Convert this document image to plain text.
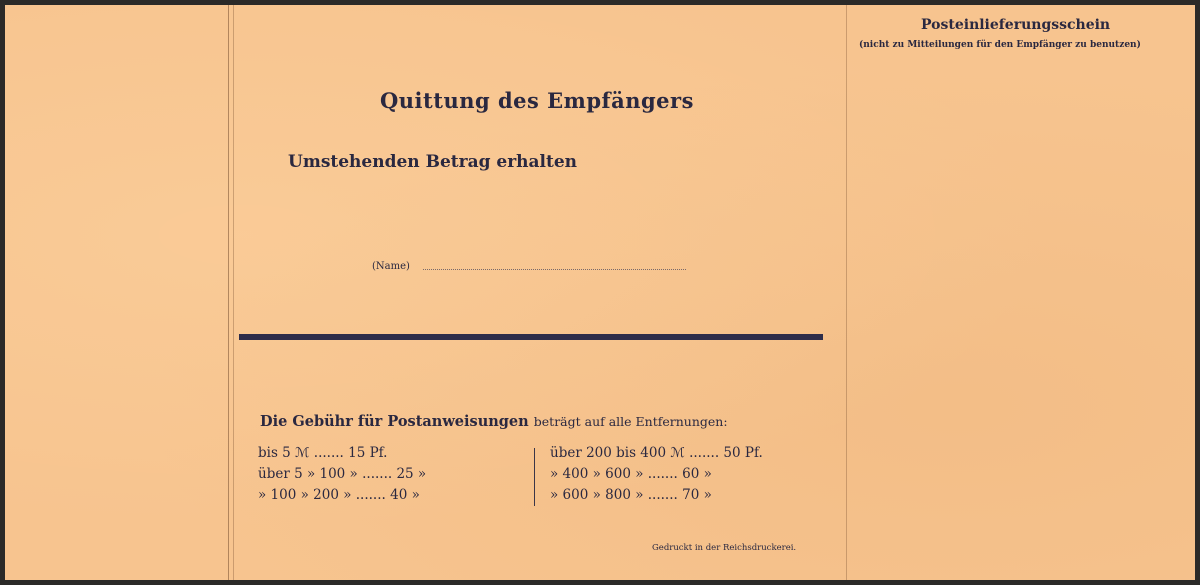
Quittung des Empfängers
Umstehenden Betrag erhalten
(Name)
Die Gebühr für Postanweisungen beträgt auf alle Entfernungen:
bis 5 ℳ ....... 15 Pf.
über 5 » 100 » ....... 25 »
» 100 » 200 » ....... 40 »
über 200 bis 400 ℳ ....... 50 Pf.
» 400 » 600 » ....... 60 »
» 600 » 800 » ....... 70 »
Gedruckt in der Reichsdruckerei.
Posteinlieferungsschein
(nicht zu Mitteilungen für den Empfänger zu benutzen)
